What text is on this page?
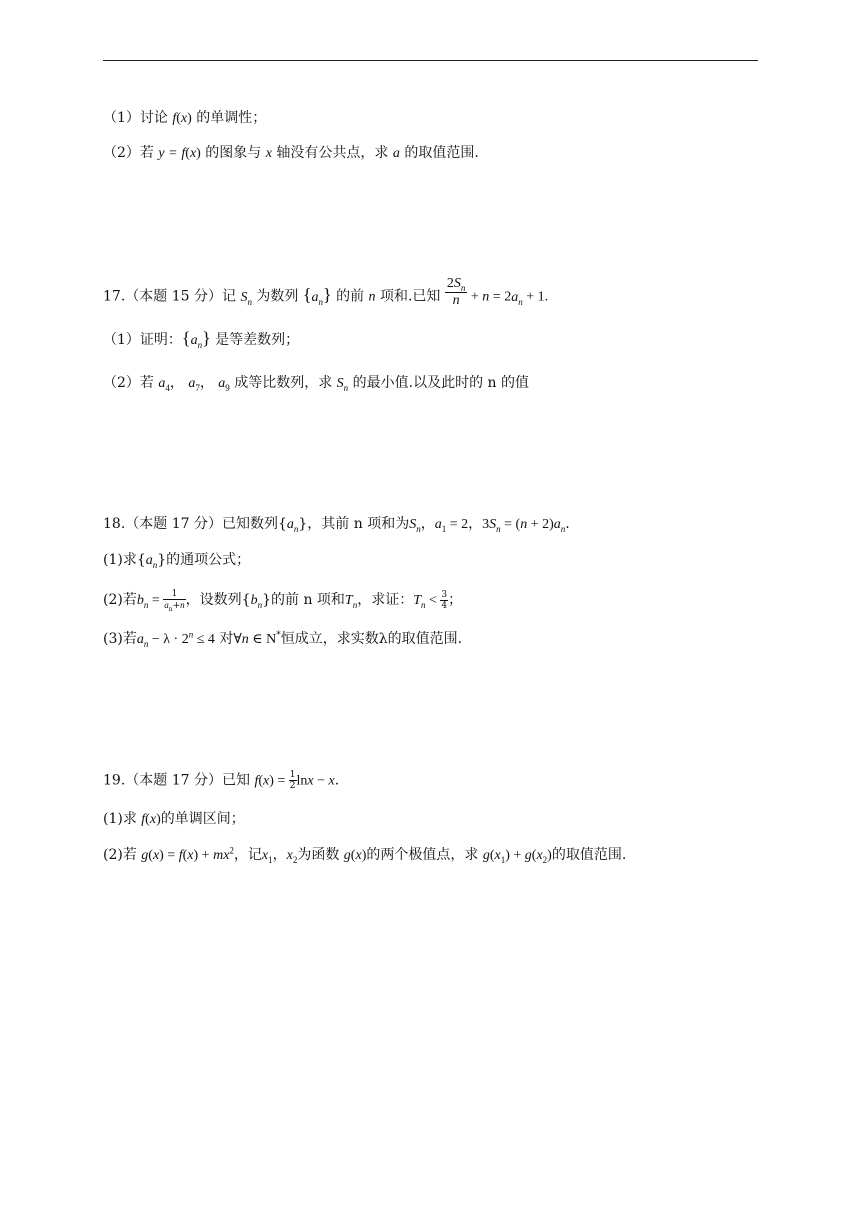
（1）讨论 f(x) 的单调性；
（2）若 y = f(x) 的图象与 x 轴没有公共点，求 a 的取值范围.
17.（本题 15 分）记 $S_n$ 为数列 $\{a_n\}$ 的前 n 项和.已知 $\frac{2S_n}{n} + n = 2a_n + 1$.
（1）证明：$\{a_n\}$ 是等差数列；
（2）若 $a_4$， $a_7$， $a_9$ 成等比数列，求 $S_n$ 的最小值.以及此时的 n 的值
18.（本题 17 分）已知数列$\{a_n\}$，其前 n 项和为$S_n$，$a_1 = 2$，$3S_n = (n + 2)a_n$.
(1)求$\{a_n\}$的通项公式；
(2)若$b_n = \frac{1}{a_n+n}$ ，设数列$\{b_n\}$的前 n 项和$T_n$，求证：$T_n < \frac{3}{4}$ ；
(3)若$a_n - \lambda \cdot 2^n \le 4$ 对∀n ∈ N*恒成立，求实数λ的取值范围.
19.（本题 17 分）已知 $f(x) = \frac{1}{2}$ lnx − x.
(1)求 f(x)的单调区间；
(2)若 $g(x) = f(x) + mx^2$，记$x_1$，$x_2$为函数 g(x)的两个极值点，求 $g(x_1) + g(x_2)$的取值范围.
